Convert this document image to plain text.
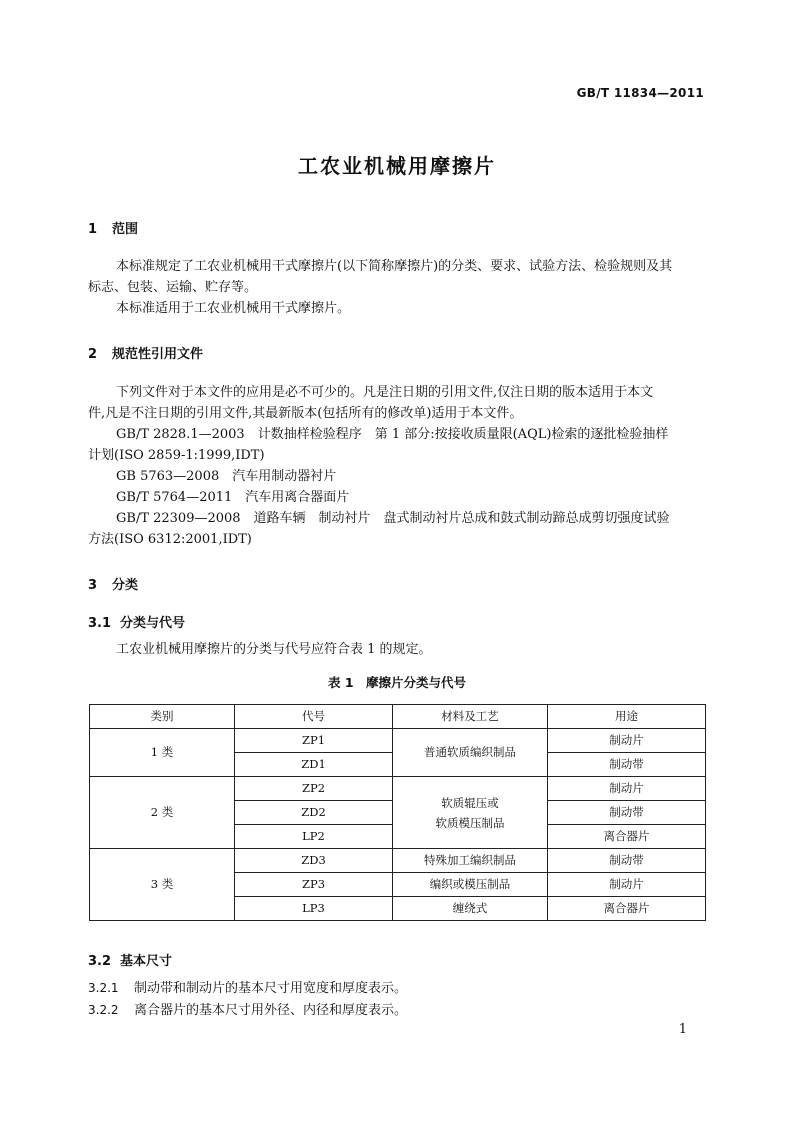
GB/T 11834—2011
工农业机械用摩擦片
1 范围
本标准规定了工农业机械用干式摩擦片(以下简称摩擦片)的分类、要求、试验方法、检验规则及其
标志、包装、运输、贮存等。
本标准适用于工农业机械用干式摩擦片。
2 规范性引用文件
下列文件对于本文件的应用是必不可少的。凡是注日期的引用文件,仅注日期的版本适用于本文
件,凡是不注日期的引用文件,其最新版本(包括所有的修改单)适用于本文件。
GB/T 2828.1—2003　计数抽样检验程序　第 1 部分:按接收质量限(AQL)检索的逐批检验抽样
计划(ISO 2859-1:1999,IDT)
GB 5763—2008　汽车用制动器衬片
GB/T 5764—2011　汽车用离合器面片
GB/T 22309—2008　道路车辆　制动衬片　盘式制动衬片总成和鼓式制动蹄总成剪切强度试验
方法(ISO 6312:2001,IDT)
3 分类
3.1 分类与代号
工农业机械用摩擦片的分类与代号应符合表 1 的规定。
表 1　摩擦片分类与代号
类别	代号	材料及工艺	用途
1 类	ZP1	普通软质编织制品	制动片
	ZD1		制动带
2 类	ZP2	软质辊压或
软质模压制品	制动片
	ZD2		制动带
	LP2		离合器片
3 类	ZD3	特殊加工编织制品	制动带
	ZP3	编织或模压制品	制动片
	LP3	缠绕式	离合器片
3.2 基本尺寸
3.2.1 制动带和制动片的基本尺寸用宽度和厚度表示。
3.2.2 离合器片的基本尺寸用外径、内径和厚度表示。
1
